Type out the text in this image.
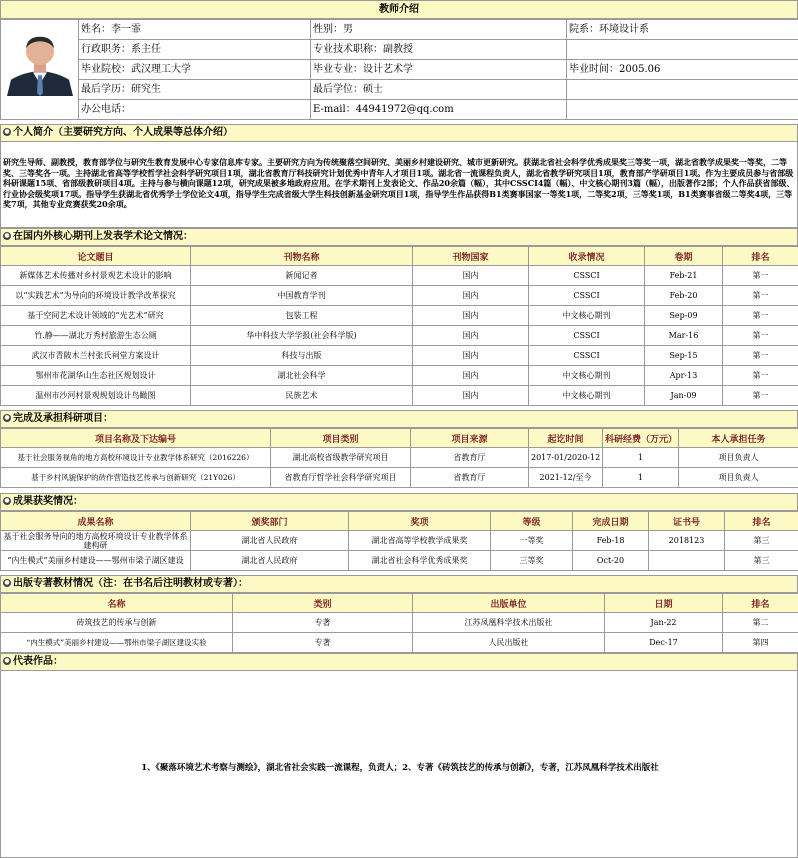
教师介绍
	姓名：李一霏	性别：男	院系：环境设计系
	行政职务：系主任	专业技术职称：副教授	
	毕业院校：武汉理工大学	毕业专业：设计艺术学	毕业时间：2005.06
	最后学历：研究生	最后学位：硕士	
	办公电话：	E-mail：44941972@qq.com	
● 个人简介（主要研究方向、个人成果等总体介绍）
研究生导师、副教授，教育部学位与研究生教育发展中心专家信息库专家。主要研究方向为传统聚落空间研究、美丽乡村建设研究、城市更新研究。获湖北省社会科学优秀成果奖三等奖一项，湖北省教学成果奖一等奖，二等奖、三等奖各一项。主持湖北省高等学校哲学社会科学研究项目1项，湖北省教育厅科技研究计划优秀中青年人才项目1项。湖北省一流课程负责人，湖北省教学研究项目1项，教育部产学研项目1项。作为主要成员参与省部级科研课题15项、省部级教研项目4项。主持与参与横向课题12项，研究成果被多地政府应用。在学术期刊上发表论文、作品20余篇（幅），其中CSSCI4篇（幅）、中文核心期刊3篇（幅），出版著作2部；个人作品获省部级、行业协会级奖项17项。指导学生获湖北省优秀学士学位论文4项，指导学生完成省级大学生科技创新基金研究项目1项，指导学生作品获得B1类赛事国家一等奖1项，二等奖2项，三等奖1项，B1类赛事省级二等奖4项，三等奖7项，其他专业竞赛获奖20余项。
● 在国内外核心期刊上发表学术论文情况：
论文题目	刊物名称	刊物国家	收录情况	卷期	排名
新媒体艺术传播对乡村景观艺术设计的影响	新闻记者	国内	CSSCI	Feb-21	第一
以“实践艺术”为导向的环境设计教学改革探究	中国教育学刊	国内	CSSCI	Feb-20	第一
基于空间艺术设计领域的“光艺术”研究	包装工程	国内	中文核心期刊	Sep-09	第一
竹.静——湖北万秀村旅游生态公厕	华中科技大学学报(社会科学版)	国内	CSSCI	Mar-16	第一
武汉市青陂木兰村张氏祠堂方案设计	科技与出版	国内	CSSCI	Sep-15	第一
鄂州市花湖华山生态社区规划设计	湖北社会科学	国内	中文核心期刊	Apr-13	第一
温州市沙河村景观规划设计鸟瞰图	民族艺术	国内	中文核心期刊	Jan-09	第一
● 完成及承担科研项目：
项目名称及下达编号	项目类别	项目来源	起讫时间	科研经费（万元）	本人承担任务
基于社会服务视角的地方高校环境设计专业教学体系研究（2016226）	湖北高校省级教学研究项目	省教育厅	2017-01/2020-12	1	项目负责人
基于乡村风貌保护的砖作营造技艺传承与创新研究（21Y026）	省教育厅哲学社会科学研究项目	省教育厅	2021-12/至今	1	项目负责人
● 成果获奖情况：
成果名称	颁奖部门	奖项	等级	完成日期	证书号	排名
基于社会服务导向的地方高校环境设计专业教学体系建构研	湖北省人民政府	湖北省高等学校教学成果奖	一等奖	Feb-18	2018123	第三
“内生模式”美丽乡村建设——鄂州市梁子湖区建设	湖北省人民政府	湖北省社会科学优秀成果奖	三等奖	Oct-20		第三
● 出版专著教材情况（注：在书名后注明教材或专著）：
名称	类别	出版单位	日期	排名
砖筑技艺的传承与创新	专著	江苏凤凰科学技术出版社	Jan-22	第二
“内生模式”美丽乡村建设——鄂州市梁子湖区建设实验	专著	人民出版社	Dec-17	第四
● 代表作品：
1、《聚落环境艺术考察与测绘》，湖北省社会实践一流课程，负责人；2、专著《砖筑技艺的传承与创新》，专著，江苏凤凰科学技术出版社
